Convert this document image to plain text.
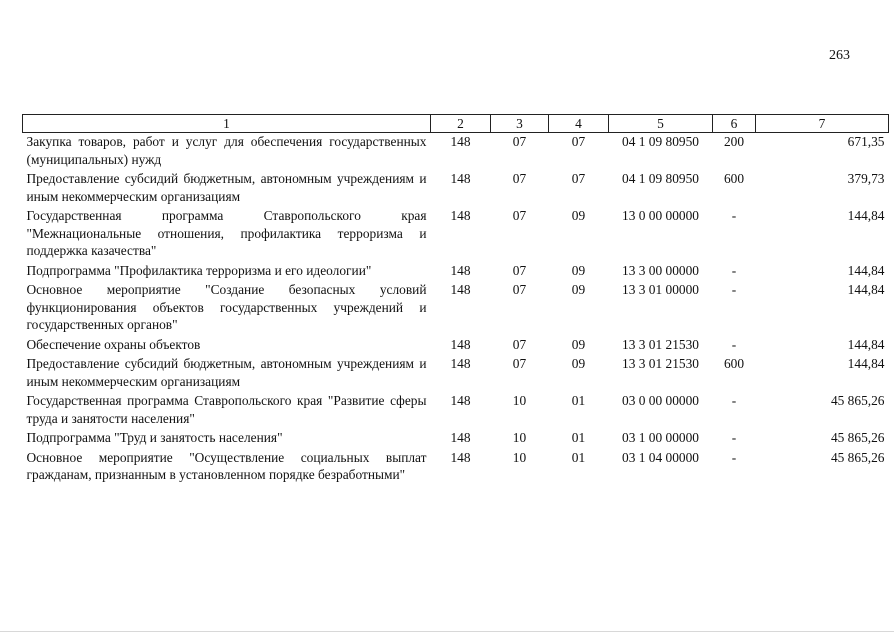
263
1	2	3	4	5	6	7
Закупка товаров, работ и услуг для обеспечения государственных (муниципальных) нужд	148	07	07	04 1 09 80950	200	671,35
Предоставление субсидий бюджетным, автономным учреждениям и иным некоммерческим организациям	148	07	07	04 1 09 80950	600	379,73
Государственная программа Ставропольского края "Межнациональные отношения, профилактика терроризма и поддержка казачества"	148	07	09	13 0 00 00000	-	144,84
Подпрограмма "Профилактика терроризма и его идеологии"	148	07	09	13 3 00 00000	-	144,84
Основное мероприятие "Создание безопасных условий функционирования объектов государственных учреждений и государственных органов"	148	07	09	13 3 01 00000	-	144,84
Обеспечение охраны объектов	148	07	09	13 3 01 21530	-	144,84
Предоставление субсидий бюджетным, автономным учреждениям и иным некоммерческим организациям	148	07	09	13 3 01 21530	600	144,84
Государственная программа Ставропольского края "Развитие сферы труда и занятости населения"	148	10	01	03 0 00 00000	-	45 865,26
Подпрограмма "Труд и занятость населения"	148	10	01	03 1 00 00000	-	45 865,26
Основное мероприятие "Осуществление социальных выплат гражданам, признанным в установленном порядке безработными"	148	10	01	03 1 04 00000	-	45 865,26
